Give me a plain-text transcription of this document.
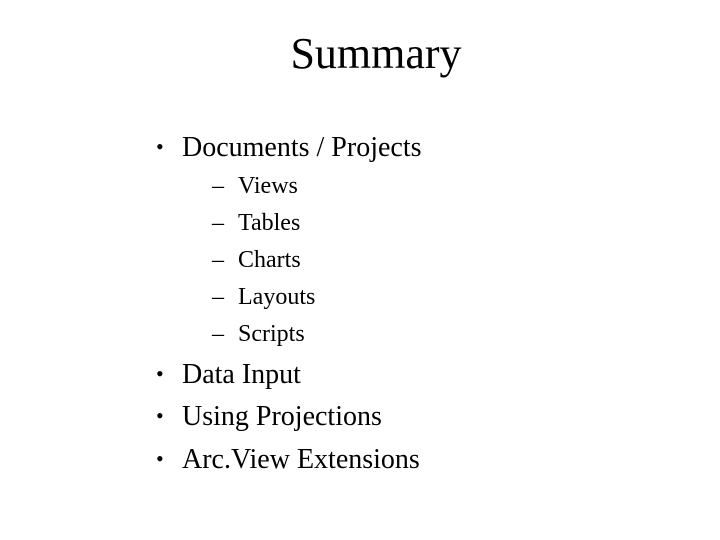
Summary
• Documents / Projects
– Views
– Tables
– Charts
– Layouts
– Scripts
• Data Input
• Using Projections
• Arc.View Extensions
